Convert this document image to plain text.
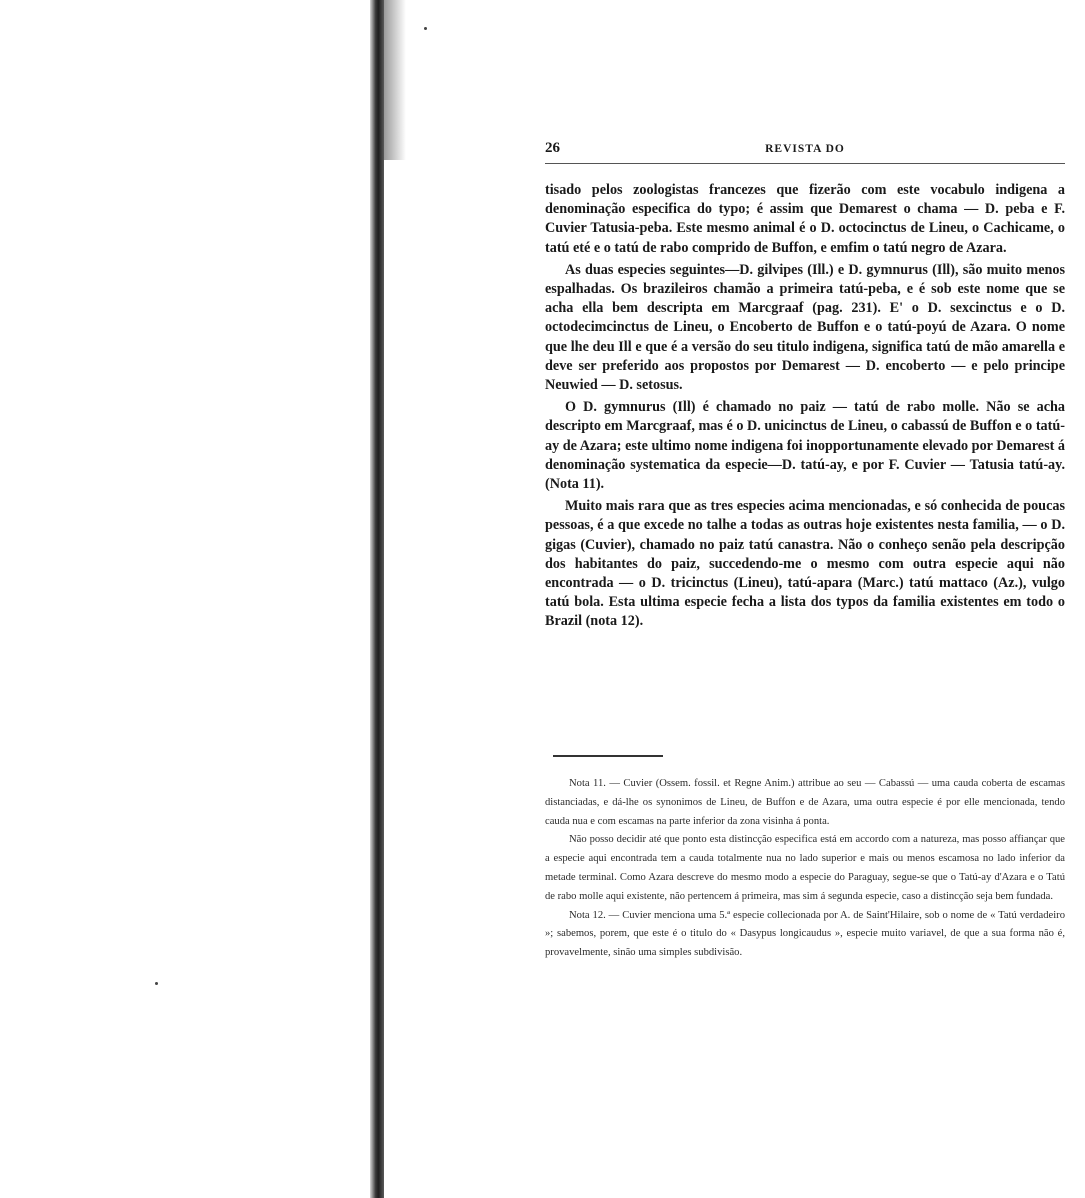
26	REVISTA DO

tisado pelos zoologistas francezes que fizerão com este vocabulo indigena a denominação especifica do typo; é assim que Demarest o chama — D. peba e F. Cuvier Tatusia-peba. Este mesmo animal é o D. octocinctus de Lineu, o Cachicame, o tatú eté e o tatú de rabo comprido de Buffon, e emfim o tatú negro de Azara.

As duas especies seguintes—D. gilvipes (Ill.) e D. gymnurus (Ill), são muito menos espalhadas. Os brazileiros chamão a primeira tatú-peba, e é sob este nome que se acha ella bem descripta em Marcgraaf (pag. 231). E' o D. sexcinctus e o D. octodecimcinctus de Lineu, o Encoberto de Buffon e o tatú-poyú de Azara. O nome que lhe deu Ill e que é a versão do seu titulo indigena, significa tatú de mão amarella e deve ser preferido aos propostos por Demarest — D. encoberto — e pelo principe Neuwied — D. setosus.

O D. gymnurus (Ill) é chamado no paiz — tatú de rabo molle. Não se acha descripto em Marcgraaf, mas é o D. unicinctus de Lineu, o cabassú de Buffon e o tatú-ay de Azara; este ultimo nome indigena foi inopportunamente elevado por Demarest á denominação systematica da especie—D. tatú-ay, e por F. Cuvier — Tatusia tatú-ay. (Nota 11).

Muito mais rara que as tres especies acima mencionadas, e só conhecida de poucas pessoas, é a que excede no talhe a todas as outras hoje existentes nesta familia, — o D. gigas (Cuvier), chamado no paiz tatú canastra. Não o conheço senão pela descripção dos habitantes do paiz, succedendo-me o mesmo com outra especie aqui não encontrada — o D. tricinctus (Lineu), tatú-apara (Marc.) tatú mattaco (Az.), vulgo tatú bola. Esta ultima especie fecha a lista dos typos da familia existentes em todo o Brazil (nota 12).

Nota 11. — Cuvier (Ossem. fossil. et Regne Anim.) attribue ao seu — Cabassú — uma cauda coberta de escamas distanciadas, e dá-lhe os synonimos de Lineu, de Buffon e de Azara, uma outra especie é por elle mencionada, tendo cauda nua e com escamas na parte inferior da zona visinha á ponta.

Não posso decidir até que ponto esta distincção especifica está em accordo com a natureza, mas posso affiançar que a especie aqui encontrada tem a cauda totalmente nua no lado superior e mais ou menos escamosa no lado inferior da metade terminal. Como Azara descreve do mesmo modo a especie do Paraguay, segue-se que o Tatú-ay d'Azara e o Tatú de rabo molle aqui existente, não pertencem á primeira, mas sim á segunda especie, caso a distincção seja bem fundada.

Nota 12. — Cuvier menciona uma 5.ª especie collecionada por A. de Saint'Hilaire, sob o nome de « Tatú verdadeiro »; sabemos, porem, que este é o titulo do « Dasypus longicaudus », especie muito variavel, de que a sua forma não é, provavelmente, sinão uma simples subdivisão.
